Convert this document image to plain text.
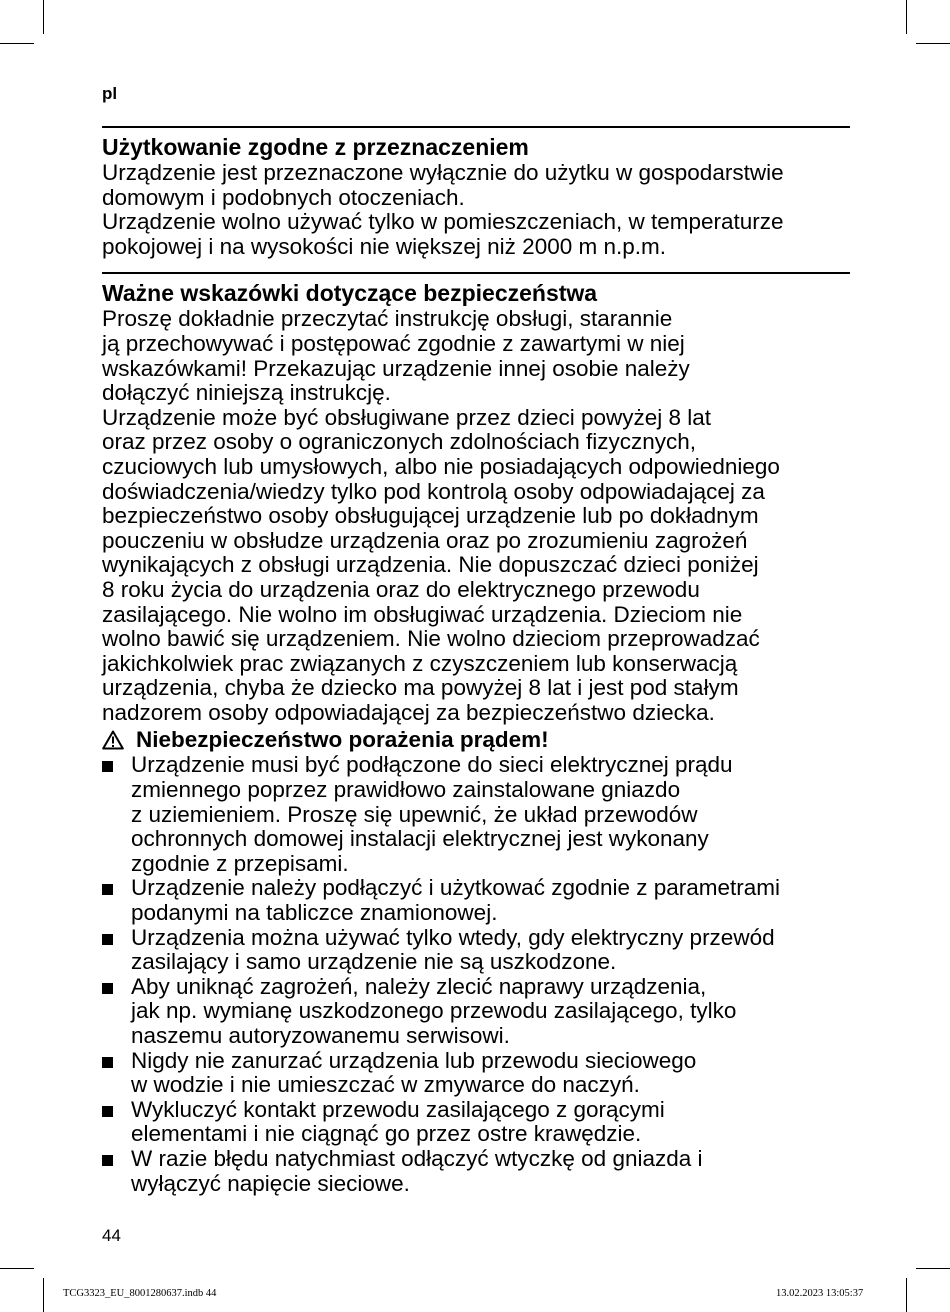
pl
Użytkowanie zgodne z przeznaczeniem

Urządzenie jest przeznaczone wyłącznie do użytku w gospodarstwie
domowym i podobnych otoczeniach.
Urządzenie wolno używać tylko w pomieszczeniach, w temperaturze
pokojowej i na wysokości nie większej niż 2000 m n.p.m.

Ważne wskazówki dotyczące bezpieczeństwa

Proszę dokładnie przeczytać instrukcję obsługi, starannie
ją przechowywać i postępować zgodnie z zawartymi w niej
wskazówkami! Przekazując urządzenie innej osobie należy
dołączyć niniejszą instrukcję.
Urządzenie może być obsługiwane przez dzieci powyżej 8 lat
oraz przez osoby o ograniczonych zdolnościach fizycznych,
czuciowych lub umysłowych, albo nie posiadających odpowiedniego
doświadczenia/wiedzy tylko pod kontrolą osoby odpowiadającej za
bezpieczeństwo osoby obsługującej urządzenie lub po dokładnym
pouczeniu w obsłudze urządzenia oraz po zrozumieniu zagrożeń
wynikających z obsługi urządzenia. Nie dopuszczać dzieci poniżej
8 roku życia do urządzenia oraz do elektrycznego przewodu
zasilającego. Nie wolno im obsługiwać urządzenia. Dzieciom nie
wolno bawić się urządzeniem. Nie wolno dzieciom przeprowadzać
jakichkolwiek prac związanych z czyszczeniem lub konserwacją
urządzenia, chyba że dziecko ma powyżej 8 lat i jest pod stałym
nadzorem osoby odpowiadającej za bezpieczeństwo dziecka.

Niebezpieczeństwo porażenia prądem!
Urządzenie musi być podłączone do sieci elektrycznej prądu
zmiennego poprzez prawidłowo zainstalowane gniazdo
z uziemieniem. Proszę się upewnić, że układ przewodów
ochronnych domowej instalacji elektrycznej jest wykonany
zgodnie z przepisami.
Urządzenie należy podłączyć i użytkować zgodnie z parametrami
podanymi na tabliczce znamionowej.
Urządzenia można używać tylko wtedy, gdy elektryczny przewód
zasilający i samo urządzenie nie są uszkodzone.
Aby uniknąć zagrożeń, należy zlecić naprawy urządzenia,
jak np. wymianę uszkodzonego przewodu zasilającego, tylko
naszemu autoryzowanemu serwisowi.
Nigdy nie zanurzać urządzenia lub przewodu sieciowego
w wodzie i nie umieszczać w zmywarce do naczyń.
Wykluczyć kontakt przewodu zasilającego z gorącymi
elementami i nie ciągnąć go przez ostre krawędzie.
W razie błędu natychmiast odłączyć wtyczkę od gniazda i
wyłączyć napięcie sieciowe.
44
TCG3323_EU_8001280637.indb 44	13.02.2023 13:05:37
